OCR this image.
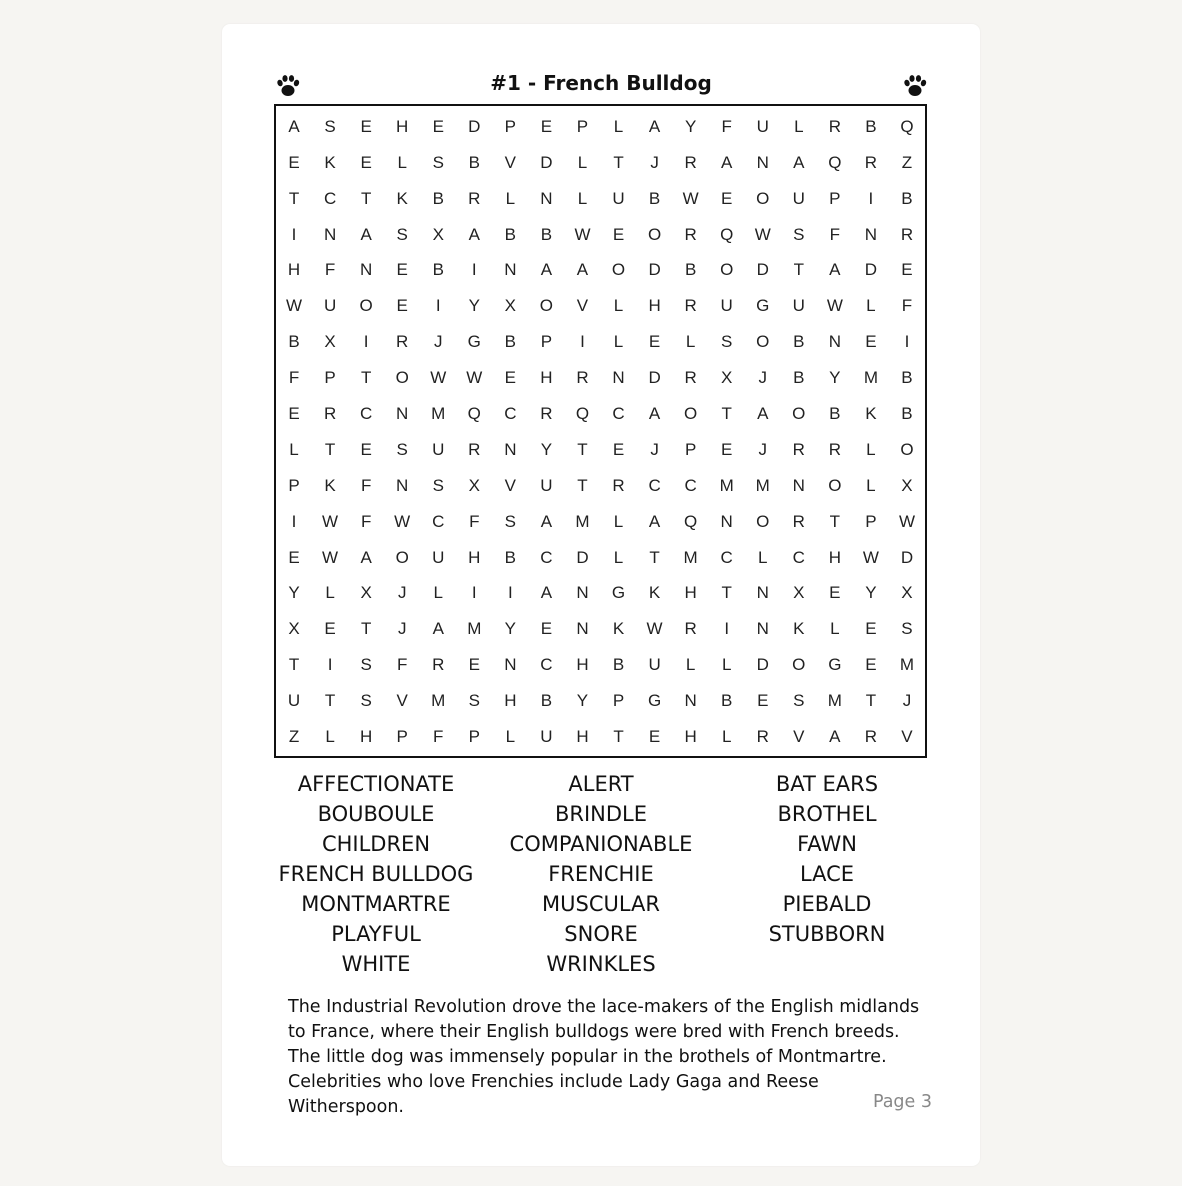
#1 - French Bulldog
A	S	E	H	E	D	P	E	P	L	A	Y	F	U	L	R	B	Q
E	K	E	L	S	B	V	D	L	T	J	R	A	N	A	Q	R	Z
T	C	T	K	B	R	L	N	L	U	B	W	E	O	U	P	I	B
I	N	A	S	X	A	B	B	W	E	O	R	Q	W	S	F	N	R
H	F	N	E	B	I	N	A	A	O	D	B	O	D	T	A	D	E
W	U	O	E	I	Y	X	O	V	L	H	R	U	G	U	W	L	F
B	X	I	R	J	G	B	P	I	L	E	L	S	O	B	N	E	I
F	P	T	O	W	W	E	H	R	N	D	R	X	J	B	Y	M	B
E	R	C	N	M	Q	C	R	Q	C	A	O	T	A	O	B	K	B
L	T	E	S	U	R	N	Y	T	E	J	P	E	J	R	R	L	O
P	K	F	N	S	X	V	U	T	R	C	C	M	M	N	O	L	X
I	W	F	W	C	F	S	A	M	L	A	Q	N	O	R	T	P	W
E	W	A	O	U	H	B	C	D	L	T	M	C	L	C	H	W	D
Y	L	X	J	L	I	I	A	N	G	K	H	T	N	X	E	Y	X
X	E	T	J	A	M	Y	E	N	K	W	R	I	N	K	L	E	S
T	I	S	F	R	E	N	C	H	B	U	L	L	D	O	G	E	M
U	T	S	V	M	S	H	B	Y	P	G	N	B	E	S	M	T	J
Z	L	H	P	F	P	L	U	H	T	E	H	L	R	V	A	R	V
AFFECTIONATE	ALERT	BAT EARS
BOUBOULE	BRINDLE	BROTHEL
CHILDREN	COMPANIONABLE	FAWN
FRENCH BULLDOG	FRENCHIE	LACE
MONTMARTRE	MUSCULAR	PIEBALD
PLAYFUL	SNORE	STUBBORN
WHITE	WRINKLES
The Industrial Revolution drove the lace-makers of the English midlands to France, where their English bulldogs were bred with French breeds. The little dog was immensely popular in the brothels of Montmartre. Celebrities who love Frenchies include Lady Gaga and Reese Witherspoon.	Page 3
